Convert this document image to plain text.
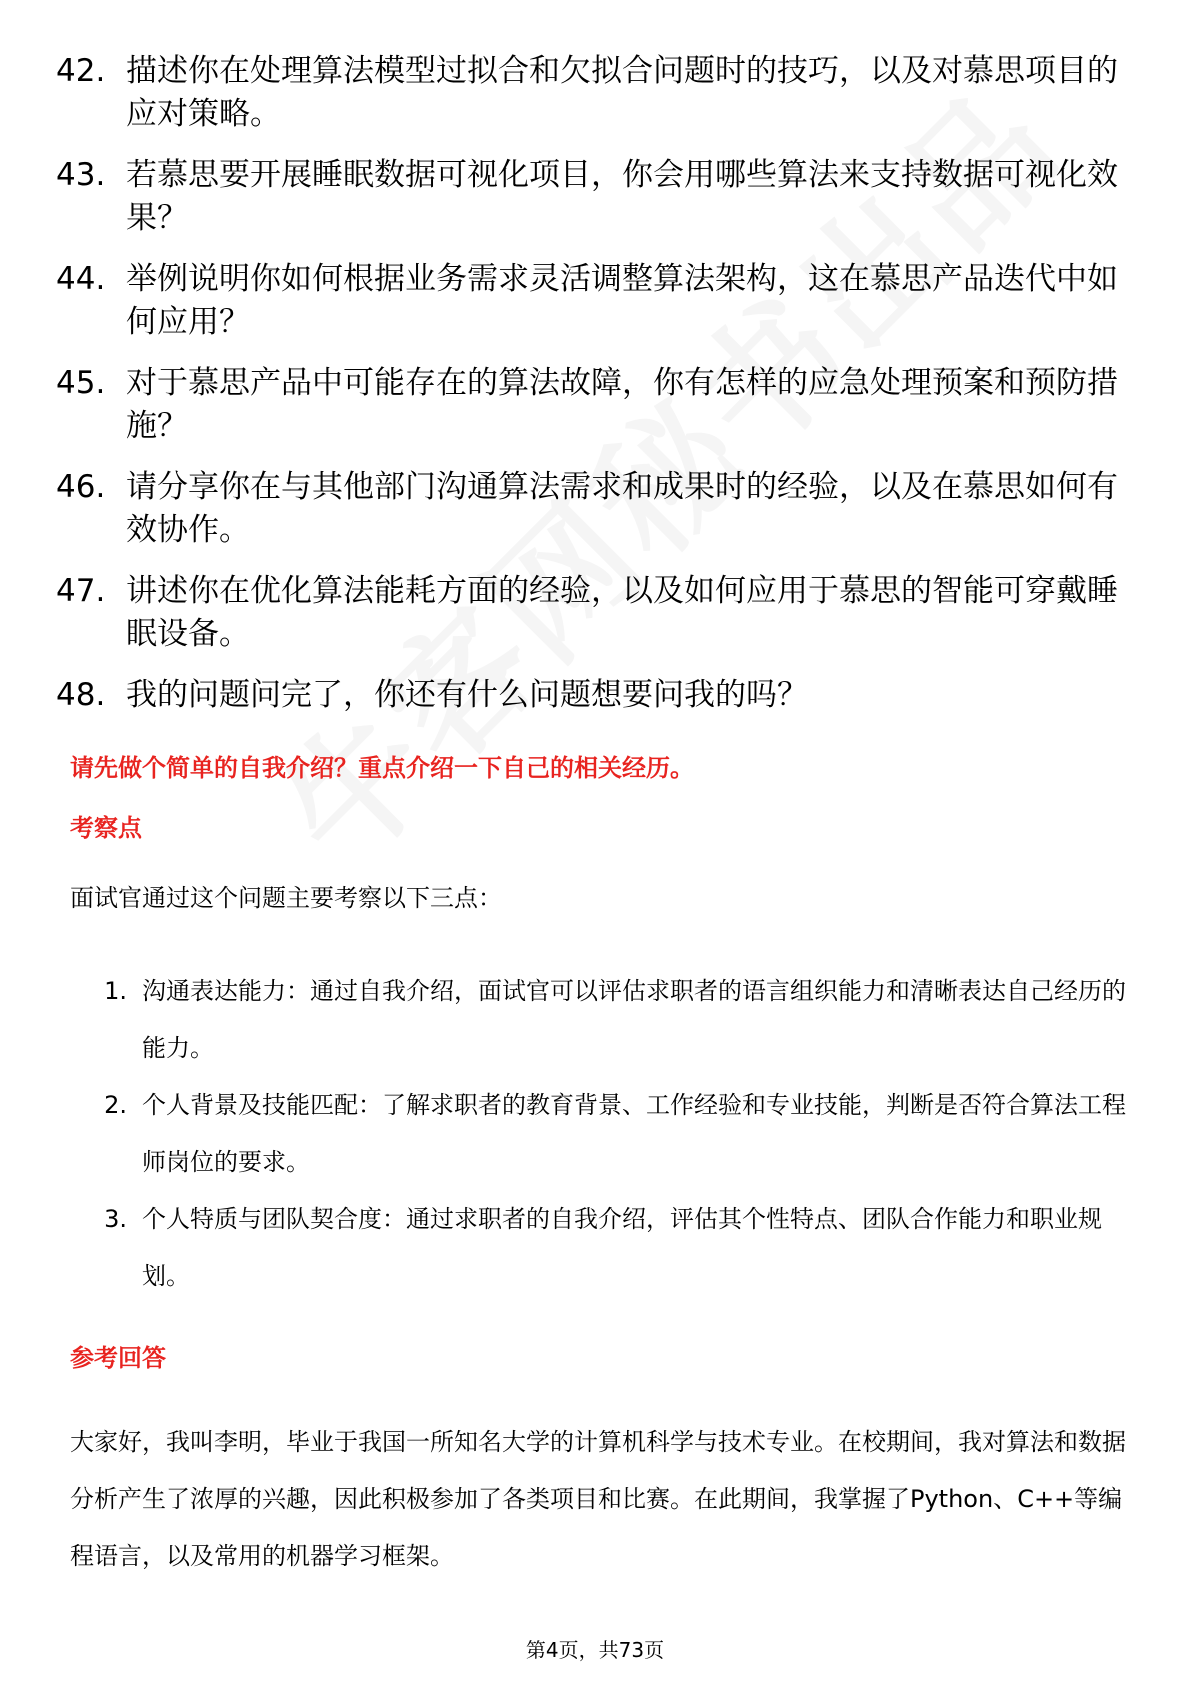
42. 描述你在处理算法模型过拟合和欠拟合问题时的技巧，以及对慕思项目的应对策略。
43. 若慕思要开展睡眠数据可视化项目，你会用哪些算法来支持数据可视化效果？
44. 举例说明你如何根据业务需求灵活调整算法架构，这在慕思产品迭代中如何应用？
45. 对于慕思产品中可能存在的算法故障，你有怎样的应急处理预案和预防措施？
46. 请分享你在与其他部门沟通算法需求和成果时的经验，以及在慕思如何有效协作。
47. 讲述你在优化算法能耗方面的经验，以及如何应用于慕思的智能可穿戴睡眠设备。
48. 我的问题问完了，你还有什么问题想要问我的吗？
请先做个简单的自我介绍？重点介绍一下自己的相关经历。
考察点

面试官通过这个问题主要考察以下三点：

1. 沟通表达能力：通过自我介绍，面试官可以评估求职者的语言组织能力和清晰表达自己经历的能力。
2. 个人背景及技能匹配：了解求职者的教育背景、工作经验和专业技能，判断是否符合算法工程师岗位的要求。
3. 个人特质与团队契合度：通过求职者的自我介绍，评估其个性特点、团队合作能力和职业规划。
参考回答

大家好，我叫李明，毕业于我国一所知名大学的计算机科学与技术专业。在校期间，我对算法和数据分析产生了浓厚的兴趣，因此积极参加了各类项目和比赛。在此期间，我掌握了Python、C++等编程语言，以及常用的机器学习框架。

第4页，共73页
